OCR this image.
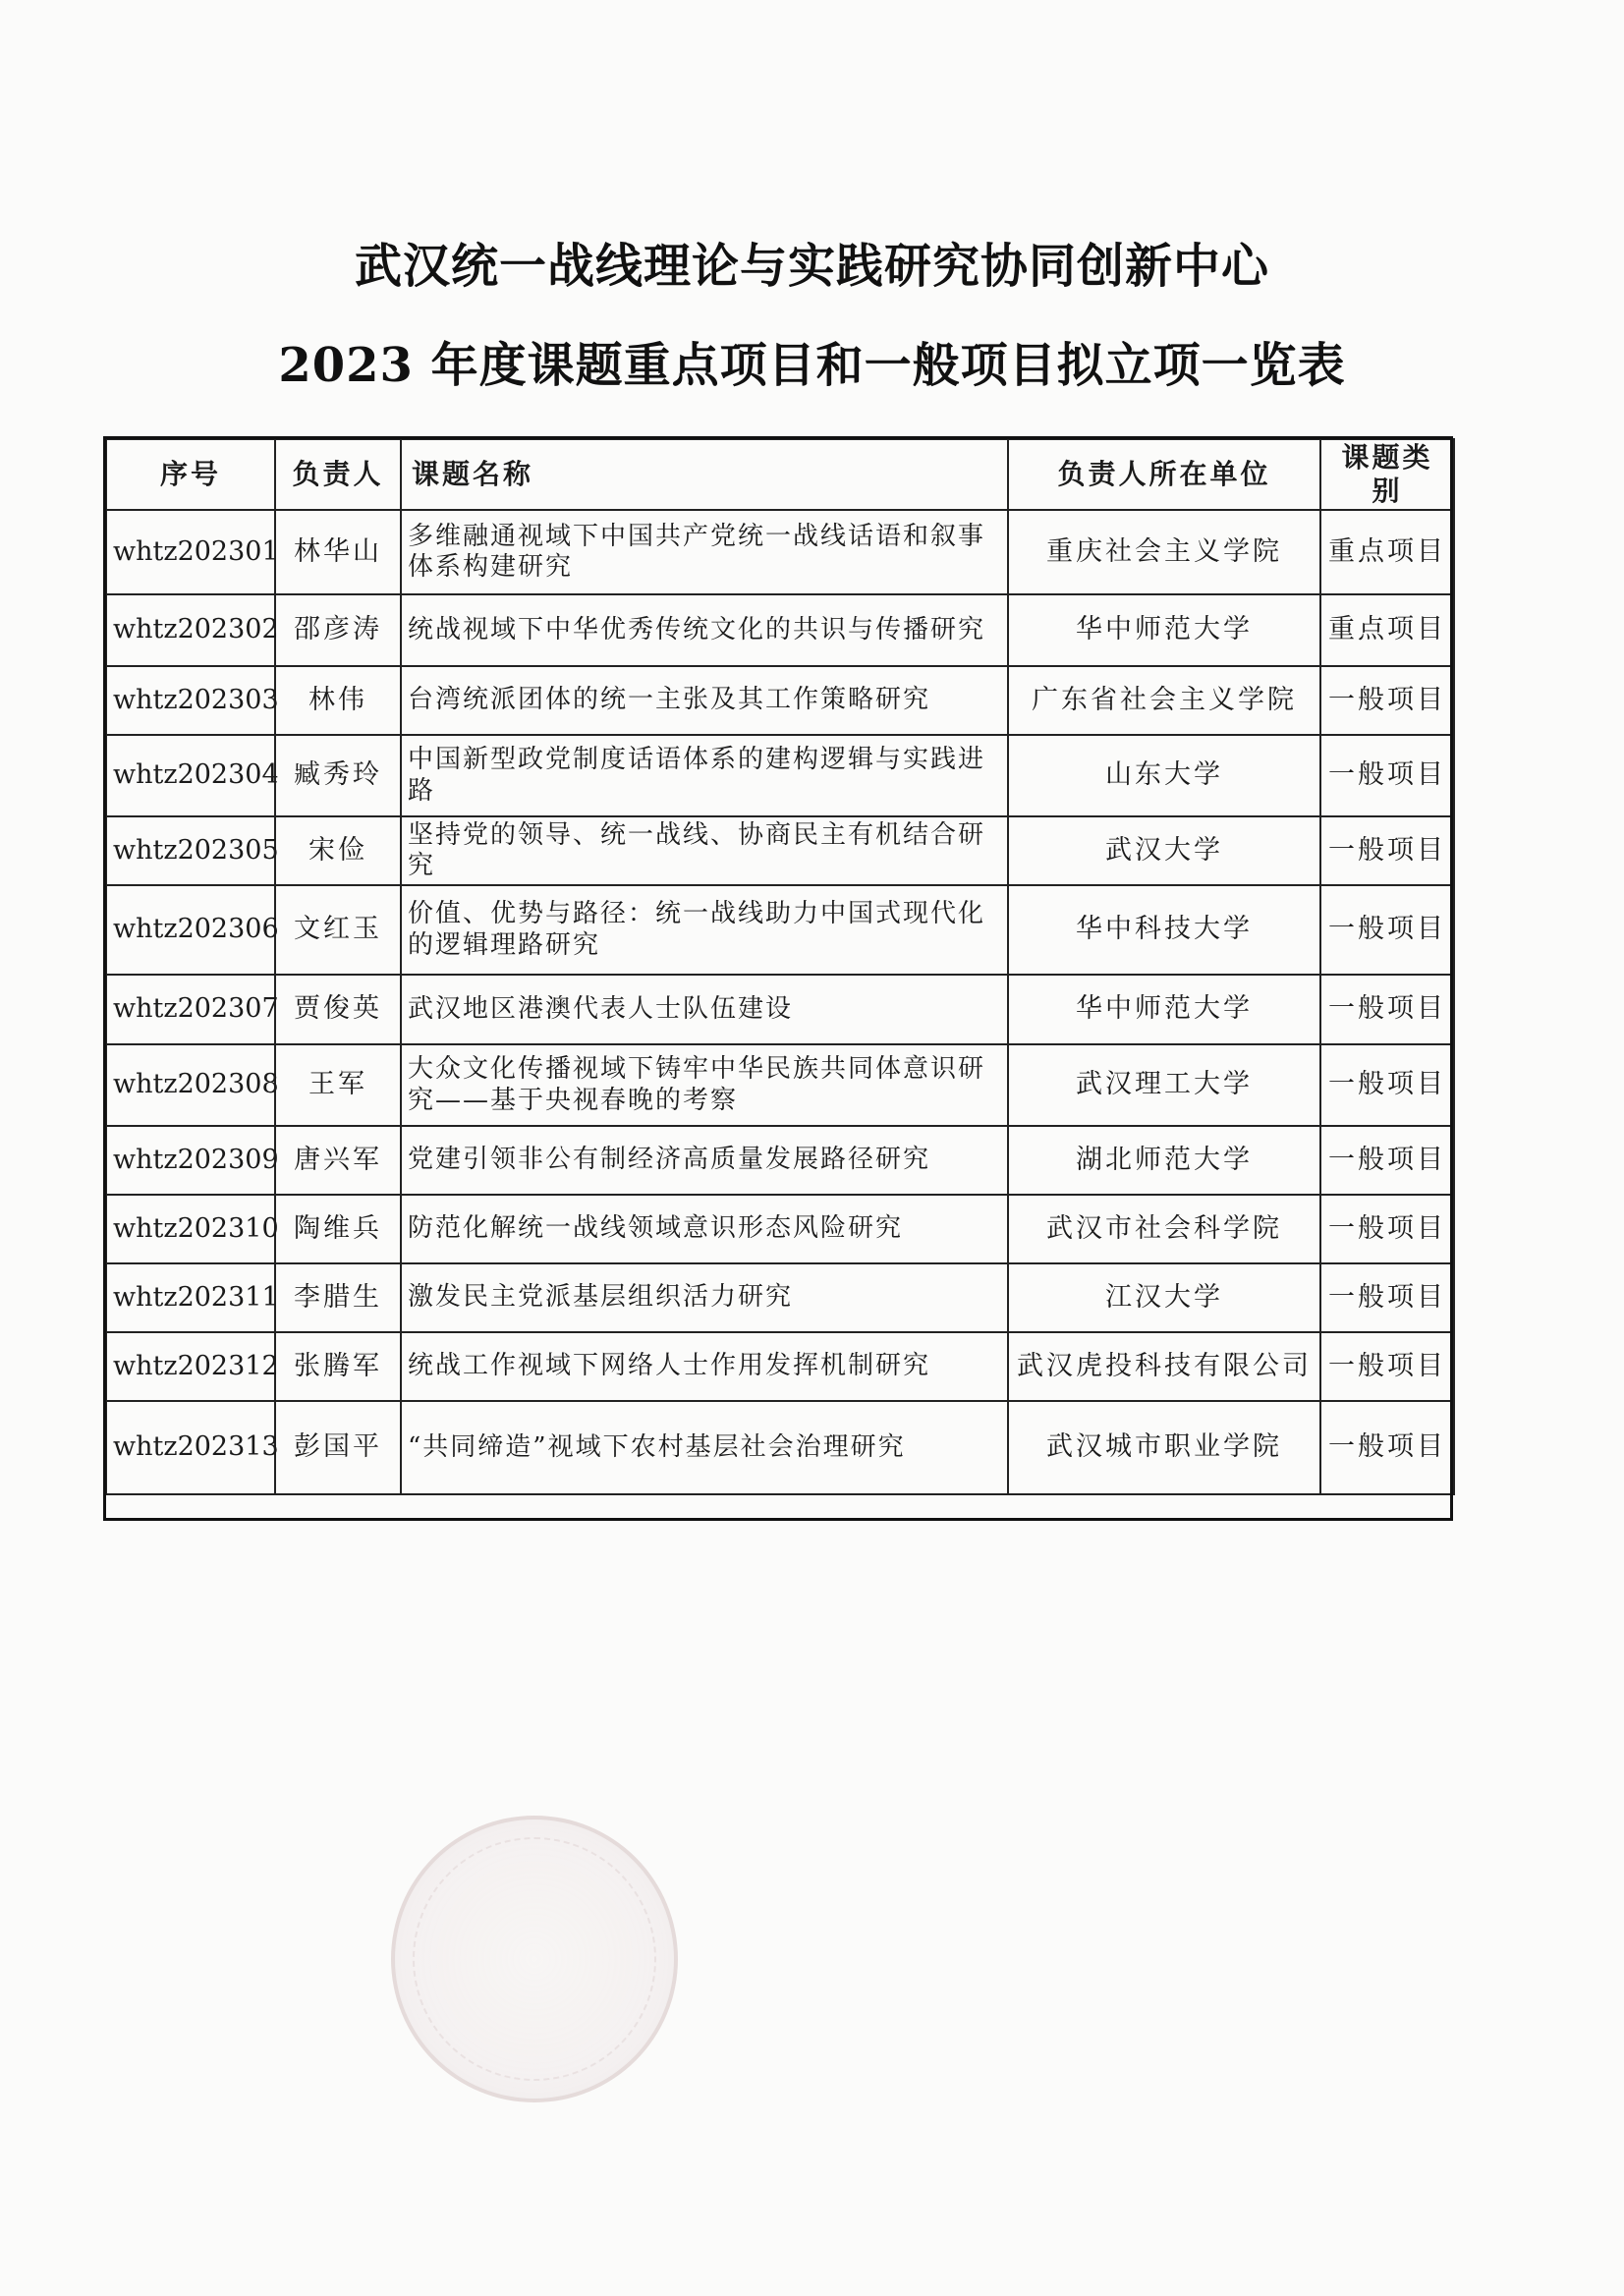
武汉统一战线理论与实践研究协同创新中心
2023 年度课题重点项目和一般项目拟立项一览表
序号	负责人	课题名称	负责人所在单位	课题类别
whtz202301	林华山	多维融通视域下中国共产党统一战线话语和叙事体系构建研究	重庆社会主义学院	重点项目
whtz202302	邵彦涛	统战视域下中华优秀传统文化的共识与传播研究	华中师范大学	重点项目
whtz202303	林伟	台湾统派团体的统一主张及其工作策略研究	广东省社会主义学院	一般项目
whtz202304	臧秀玲	中国新型政党制度话语体系的建构逻辑与实践进路	山东大学	一般项目
whtz202305	宋俭	坚持党的领导、统一战线、协商民主有机结合研究	武汉大学	一般项目
whtz202306	文红玉	价值、优势与路径：统一战线助力中国式现代化的逻辑理路研究	华中科技大学	一般项目
whtz202307	贾俊英	武汉地区港澳代表人士队伍建设	华中师范大学	一般项目
whtz202308	王军	大众文化传播视域下铸牢中华民族共同体意识研究——基于央视春晚的考察	武汉理工大学	一般项目
whtz202309	唐兴军	党建引领非公有制经济高质量发展路径研究	湖北师范大学	一般项目
whtz202310	陶维兵	防范化解统一战线领域意识形态风险研究	武汉市社会科学院	一般项目
whtz202311	李腊生	激发民主党派基层组织活力研究	江汉大学	一般项目
whtz202312	张腾军	统战工作视域下网络人士作用发挥机制研究	武汉虎投科技有限公司	一般项目
whtz202313	彭国平	“共同缔造”视域下农村基层社会治理研究	武汉城市职业学院	一般项目
